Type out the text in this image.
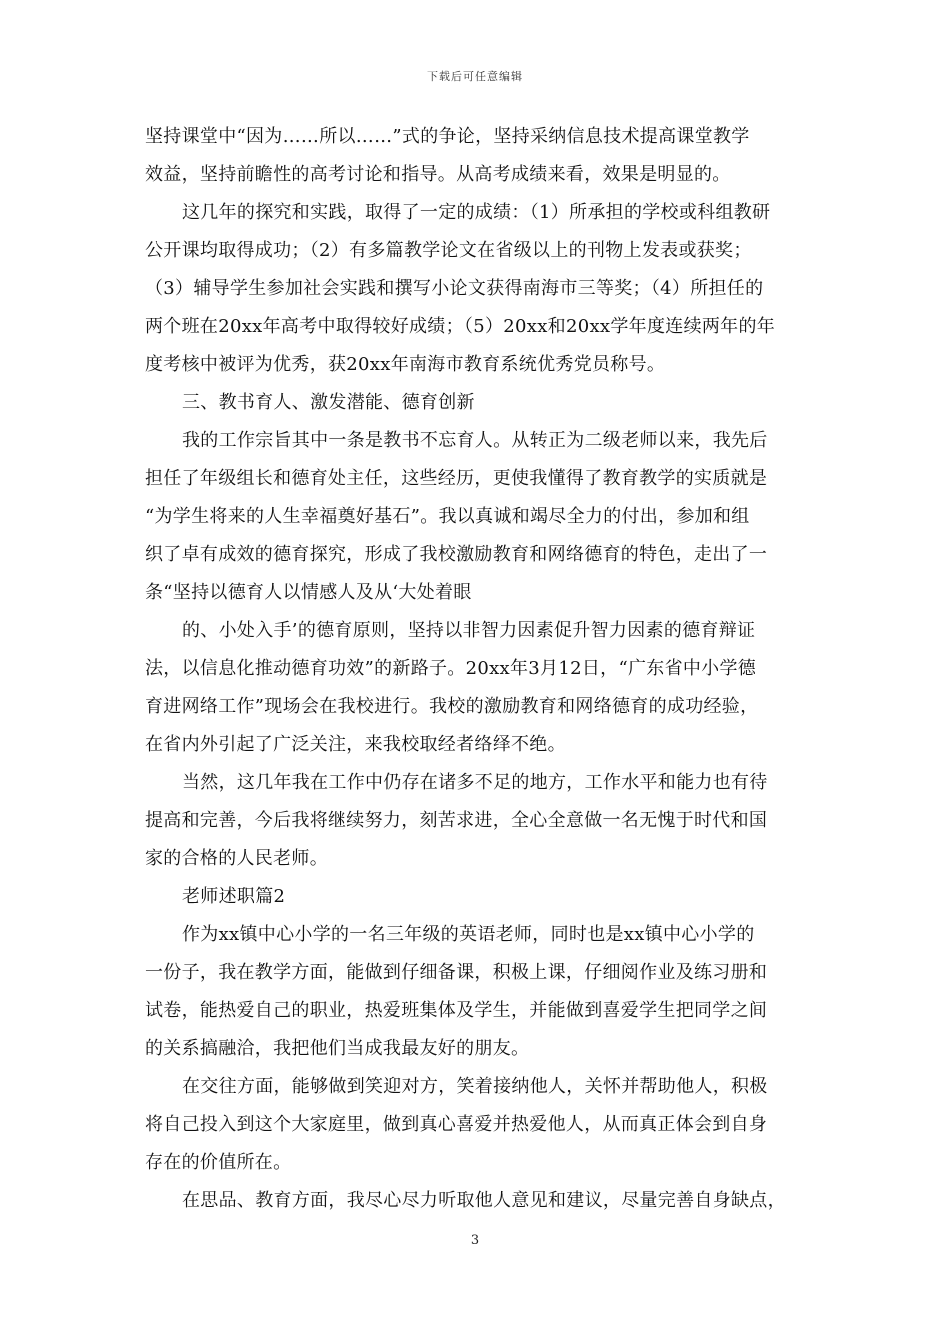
下载后可任意编辑
坚持课堂中“因为……所以……”式的争论，坚持采纳信息技术提高课堂教学
效益，坚持前瞻性的高考讨论和指导。从高考成绩来看，效果是明显的。
这几年的探究和实践，取得了一定的成绩：（1）所承担的学校或科组教研
公开课均取得成功；（2）有多篇教学论文在省级以上的刊物上发表或获奖；
（3）辅导学生参加社会实践和撰写小论文获得南海市三等奖；（4）所担任的
两个班在20xx年高考中取得较好成绩；（5）20xx和20xx学年度连续两年的年
度考核中被评为优秀，获20xx年南海市教育系统优秀党员称号。
三、教书育人、激发潜能、德育创新
我的工作宗旨其中一条是教书不忘育人。从转正为二级老师以来，我先后
担任了年级组长和德育处主任，这些经历，更使我懂得了教育教学的实质就是
“为学生将来的人生幸福奠好基石”。我以真诚和竭尽全力的付出，参加和组
织了卓有成效的德育探究，形成了我校激励教育和网络德育的特色，走出了一
条“坚持以德育人以情感人及从‘大处着眼
的、小处入手’的德育原则，坚持以非智力因素促升智力因素的德育辩证
法，以信息化推动德育功效”的新路子。20xx年3月12日，“广东省中小学德
育进网络工作”现场会在我校进行。我校的激励教育和网络德育的成功经验，
在省内外引起了广泛关注，来我校取经者络绎不绝。
当然，这几年我在工作中仍存在诸多不足的地方，工作水平和能力也有待
提高和完善，今后我将继续努力，刻苦求进，全心全意做一名无愧于时代和国
家的合格的人民老师。
老师述职篇2
作为xx镇中心小学的一名三年级的英语老师，同时也是xx镇中心小学的
一份子，我在教学方面，能做到仔细备课，积极上课，仔细阅作业及练习册和
试卷，能热爱自己的职业，热爱班集体及学生，并能做到喜爱学生把同学之间
的关系搞融洽，我把他们当成我最友好的朋友。
在交往方面，能够做到笑迎对方，笑着接纳他人，关怀并帮助他人，积极
将自己投入到这个大家庭里，做到真心喜爱并热爱他人，从而真正体会到自身
存在的价值所在。
在思品、教育方面，我尽心尽力听取他人意见和建议，尽量完善自身缺点，
3
